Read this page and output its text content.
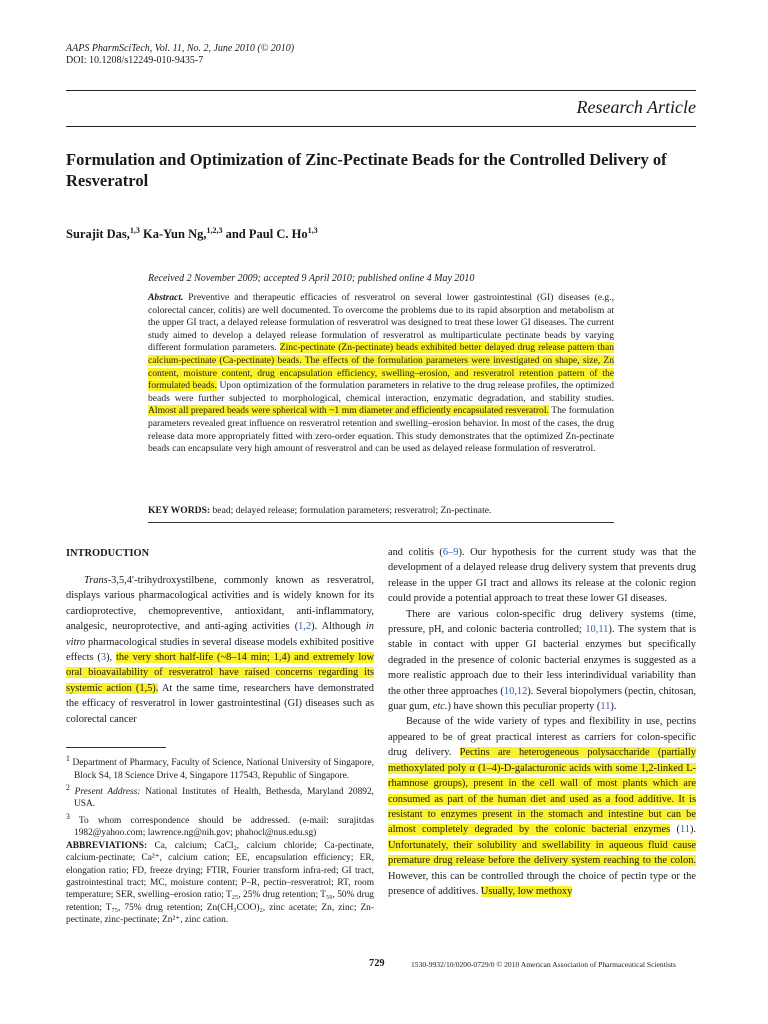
AAPS PharmSciTech, Vol. 11, No. 2, June 2010 (© 2010)
DOI: 10.1208/s12249-010-9435-7
Research Article
Formulation and Optimization of Zinc-Pectinate Beads for the Controlled Delivery of Resveratrol
Surajit Das,$^{1,3}$ Ka-Yun Ng,$^{1,2,3}$ and Paul C. Ho$^{1,3}$
Received 2 November 2009; accepted 9 April 2010; published online 4 May 2010
Abstract. Preventive and therapeutic efficacies of resveratrol on several lower gastrointestinal (GI) diseases (e.g., colorectal cancer, colitis) are well documented. To overcome the problems due to its rapid absorption and metabolism at the upper GI tract, a delayed release formulation of resveratrol was designed to treat these lower GI diseases. The current study aimed to develop a delayed release formulation of resveratrol as multiparticulate pectinate beads by varying different formulation parameters. Zinc-pectinate (Zn-pectinate) beads exhibited better delayed drug release pattern than calcium-pectinate (Ca-pectinate) beads. The effects of the formulation parameters were investigated on shape, size, Zn content, moisture content, drug encapsulation efficiency, swelling–erosion, and resveratrol retention pattern of the formulated beads. Upon optimization of the formulation parameters in relative to the drug release profiles, the optimized beads were further subjected to morphological, chemical interaction, enzymatic degradation, and stability studies. Almost all prepared beads were spherical with ~1 mm diameter and efficiently encapsulated resveratrol. The formulation parameters revealed great influence on resveratrol retention and swelling–erosion behavior. In most of the cases, the drug release data more appropriately fitted with zero-order equation. This study demonstrates that the optimized Zn-pectinate beads can encapsulate very high amount of resveratrol and can be used as delayed release formulation of resveratrol.
KEY WORDS: bead; delayed release; formulation parameters; resveratrol; Zn-pectinate.
INTRODUCTION

Trans-3,5,4′-trihydroxystilbene, commonly known as resveratrol, displays various pharmacological activities and is widely known for its cardioprotective, chemopreventive, antioxidant, anti-inflammatory, analgesic, neuroprotective, and anti-aging activities (1,2). Although in vitro pharmacological studies in several disease models exhibited positive effects (3), the very short half-life (~8–14 min; 1,4) and extremely low oral bioavailability of resveratrol have raised concerns regarding its systemic action (1,5). At the same time, researchers have demonstrated the efficacy of resveratrol in lower gastrointestinal (GI) diseases such as colorectal cancer

$^1$ Department of Pharmacy, Faculty of Science, National University of Singapore, Block S4, 18 Science Drive 4, Singapore 117543, Republic of Singapore.

$^2$ Present Address: National Institutes of Health, Bethesda, Maryland 20892, USA.

$^3$ To whom correspondence should be addressed. (e-mail: surajitdas 1982@yahoo.com; lawrence.ng@nih.gov; phahocl@nus.edu.sg)

ABBREVIATIONS: Ca, calcium; CaCl₂, calcium chloride; Ca-pectinate, calcium-pectinate; Ca²⁺, calcium cation; EE, encapsulation efficiency; ER, elongation ratio; FD, freeze drying; FTIR, Fourier transform infra-red; GI tract, gastrointestinal tract; MC, moisture content; P–R, pectin–resveratrol; RT, room temperature; SER, swelling–erosion ratio; T₂₅, 25% drug retention; T₅₀, 50% drug retention; T₇₅, 75% drug retention; Zn(CH₃COO)₂, zinc acetate; Zn, zinc; Zn-pectinate, zinc-pectinate; Zn²⁺, zinc cation.

and colitis (6–9). Our hypothesis for the current study was that the development of a delayed release drug delivery system that prevents drug release in the upper GI tract and allows its release at the colonic region could provide a potential approach to treat these lower GI diseases.

There are various colon-specific drug delivery systems (time, pressure, pH, and colonic bacteria controlled; 10,11). The system that is stable in contact with upper GI bacterial enzymes but specifically degraded in the presence of colonic bacterial enzymes is suggested as a more realistic approach due to their less interindividual variability than the other three approaches (10,12). Several biopolymers (pectin, chitosan, guar gum, etc.) have shown this peculiar property (11).

Because of the wide variety of types and flexibility in use, pectins appeared to be of great practical interest as carriers for colon-specific drug delivery. Pectins are heterogeneous polysaccharide (partially methoxylated poly α (1–4)-D-galacturonic acids with some 1,2-linked L-rhamnose groups), present in the cell wall of most plants which are consumed as part of the human diet and used as a food additive. It is resistant to enzymes present in the stomach and intestine but can be almost completely degraded by the colonic bacterial enzymes (11). Unfortunately, their solubility and swellability in aqueous fluid cause premature drug release before the delivery system reaching to the colon. However, this can be controlled through the choice of pectin type or the presence of additives. Usually, low methoxy

729	1530-9932/10/0200-0729/0 © 2010 American Association of Pharmaceutical Scientists
